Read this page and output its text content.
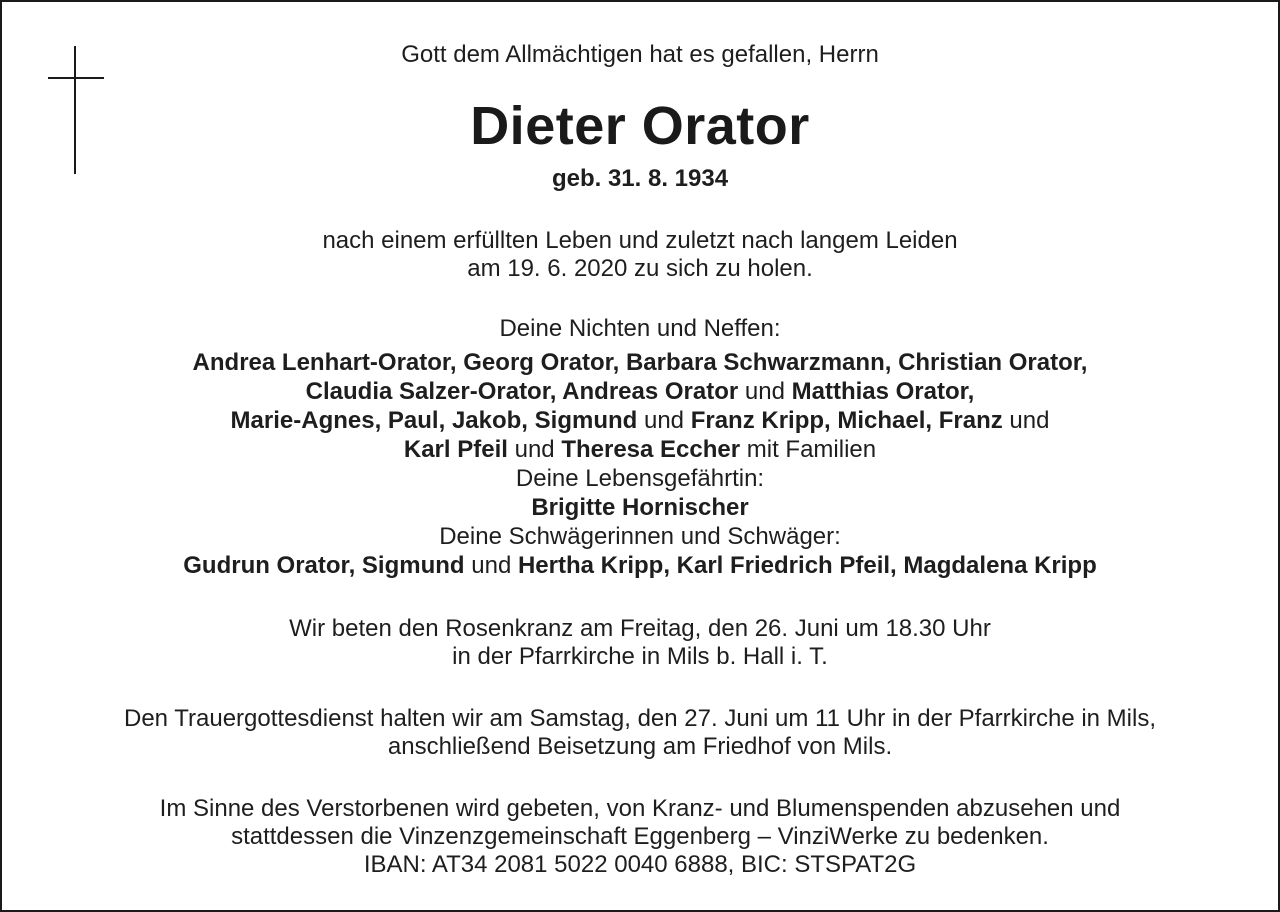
Gott dem Allmächtigen hat es gefallen, Herrn
Dieter Orator
geb. 31. 8. 1934
nach einem erfüllten Leben und zuletzt nach langem Leiden
am 19. 6. 2020 zu sich zu holen.
Deine Nichten und Neffen:
Andrea Lenhart-Orator, Georg Orator, Barbara Schwarzmann, Christian Orator,
Claudia Salzer-Orator, Andreas Orator und Matthias Orator,
Marie-Agnes, Paul, Jakob, Sigmund und Franz Kripp, Michael, Franz und
Karl Pfeil und Theresa Eccher mit Familien
Deine Lebensgefährtin:
Brigitte Hornischer
Deine Schwägerinnen und Schwäger:
Gudrun Orator, Sigmund und Hertha Kripp, Karl Friedrich Pfeil, Magdalena Kripp
Wir beten den Rosenkranz am Freitag, den 26. Juni um 18.30 Uhr
in der Pfarrkirche in Mils b. Hall i. T.
Den Trauergottesdienst halten wir am Samstag, den 27. Juni um 11 Uhr in der Pfarrkirche in Mils,
anschließend Beisetzung am Friedhof von Mils.
Im Sinne des Verstorbenen wird gebeten, von Kranz- und Blumenspenden abzusehen und
stattdessen die Vinzenzgemeinschaft Eggenberg – VinziWerke zu bedenken.
IBAN: AT34 2081 5022 0040 6888, BIC: STSPAT2G
